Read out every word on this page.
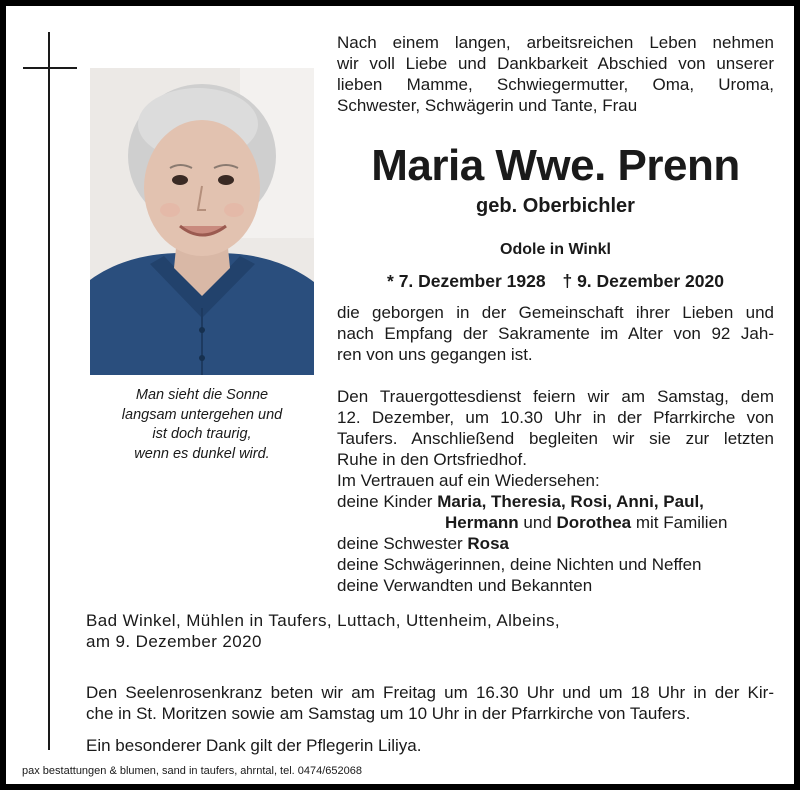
Man sieht die Sonne
langsam untergehen und
ist doch traurig,
wenn es dunkel wird.
Nach einem langen, arbeitsreichen Leben nehmen
wir voll Liebe und Dankbarkeit Abschied von unserer
lieben Mamme, Schwiegermutter, Oma, Uroma,
Schwester, Schwägerin und Tante, Frau
Maria Wwe. Prenn
geb. Oberbichler
Odole in Winkl
* 7. Dezember 1928 † 9. Dezember 2020
die geborgen in der Gemeinschaft ihrer Lieben und
nach Empfang der Sakramente im Alter von 92 Jah-
ren von uns gegangen ist.
Den Trauergottesdienst feiern wir am Samstag, dem
12. Dezember, um 10.30 Uhr in der Pfarrkirche von
Taufers. Anschließend begleiten wir sie zur letzten
Ruhe in den Ortsfriedhof.
Im Vertrauen auf ein Wiedersehen:
deine Kinder Maria, Theresia, Rosi, Anni, Paul,
Hermann und Dorothea mit Familien
deine Schwester Rosa
deine Schwägerinnen, deine Nichten und Neffen
deine Verwandten und Bekannten
Bad Winkel, Mühlen in Taufers, Luttach, Uttenheim, Albeins,
am 9. Dezember 2020
Den Seelenrosenkranz beten wir am Freitag um 16.30 Uhr und um 18 Uhr in der Kir-
che in St. Moritzen sowie am Samstag um 10 Uhr in der Pfarrkirche von Taufers.
Ein besonderer Dank gilt der Pflegerin Liliya.
pax bestattungen & blumen, sand in taufers, ahrntal, tel. 0474/652068
